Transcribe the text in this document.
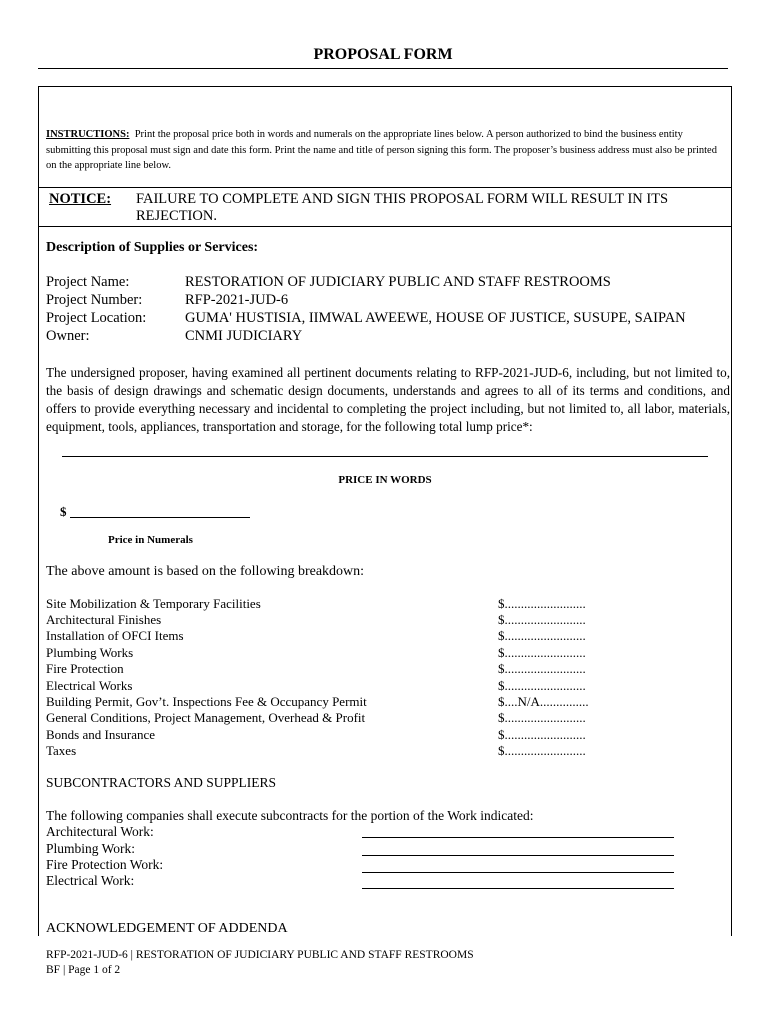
PROPOSAL FORM
INSTRUCTIONS: Print the proposal price both in words and numerals on the appropriate lines below. A person authorized to bind the business entity submitting this proposal must sign and date this form. Print the name and title of person signing this form. The proposer’s business address must also be printed on the appropriate line below.
NOTICE: FAILURE TO COMPLETE AND SIGN THIS PROPOSAL FORM WILL RESULT IN ITS REJECTION.
Description of Supplies or Services:
Project Name:	RESTORATION OF JUDICIARY PUBLIC AND STAFF RESTROOMS
Project Number:	RFP-2021-JUD-6
Project Location:	GUMA' HUSTISIA, IIMWAL AWEEWE, HOUSE OF JUSTICE, SUSUPE, SAIPAN
Owner:	CNMI JUDICIARY
The undersigned proposer, having examined all pertinent documents relating to RFP-2021-JUD-6, including, but not limited to, the basis of design drawings and schematic design documents, understands and agrees to all of its terms and conditions, and offers to provide everything necessary and incidental to completing the project including, but not limited to, all labor, materials, equipment, tools, appliances, transportation and storage, for the following total lump price*:
PRICE IN WORDS
$
Price in Numerals
The above amount is based on the following breakdown:
Site Mobilization & Temporary Facilities	$.........................
Architectural Finishes	$.........................
Installation of OFCI Items	$.........................
Plumbing Works	$.........................
Fire Protection	$.........................
Electrical Works	$.........................
Building Permit, Gov’t. Inspections Fee & Occupancy Permit	$....N/A...............
General Conditions, Project Management, Overhead & Profit	$.........................
Bonds and Insurance	$.........................
Taxes	$.........................
SUBCONTRACTORS AND SUPPLIERS
The following companies shall execute subcontracts for the portion of the Work indicated:
Architectural Work:
Plumbing Work:
Fire Protection Work:
Electrical Work:
ACKNOWLEDGEMENT OF ADDENDA
RFP-2021-JUD-6 | RESTORATION OF JUDICIARY PUBLIC AND STAFF RESTROOMS
BF | Page 1 of 2
